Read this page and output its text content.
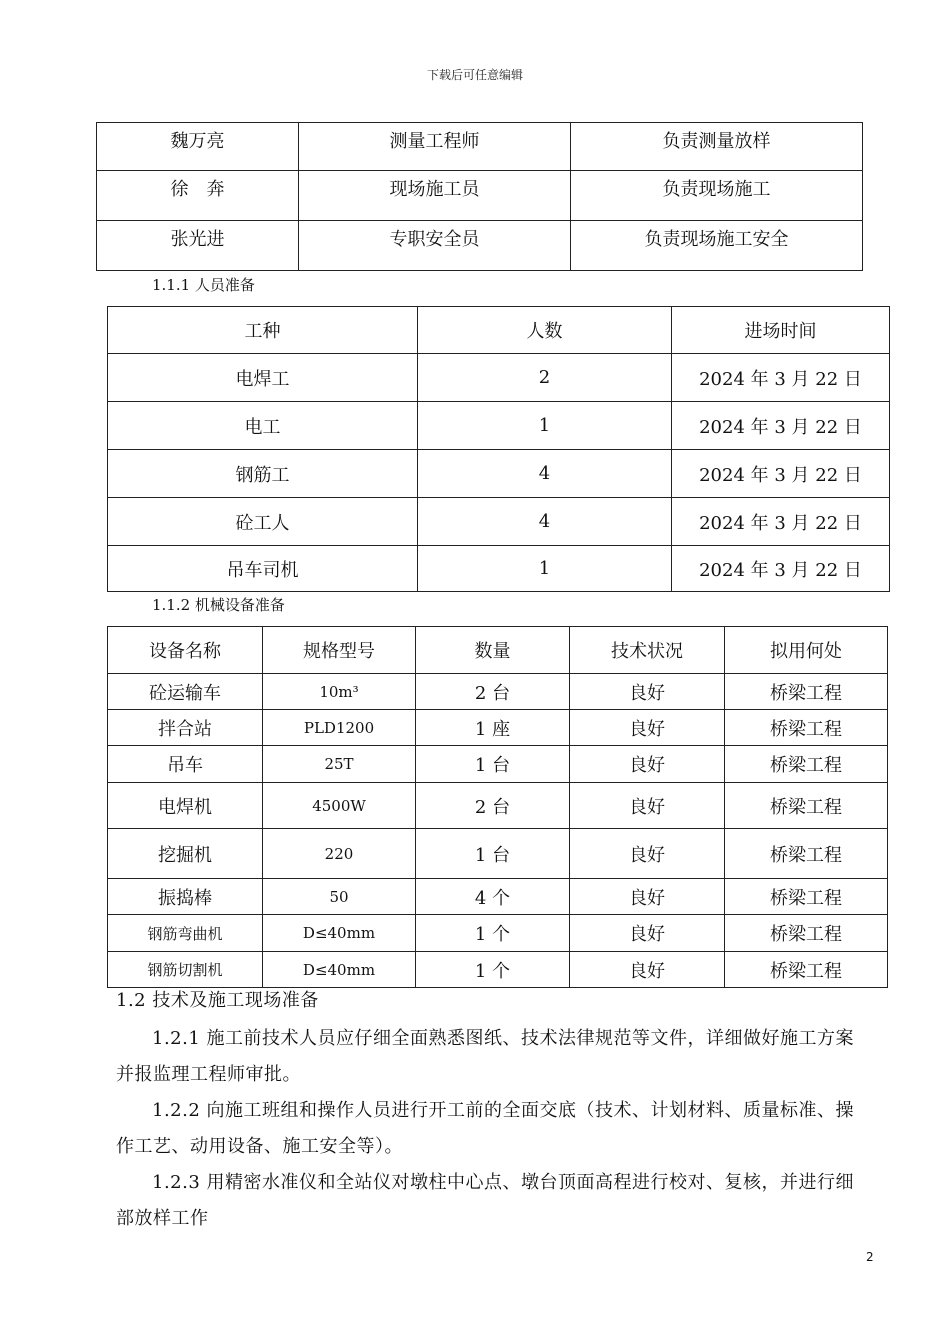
下载后可任意编辑
魏万亮	测量工程师	负责测量放样
徐　奔	现场施工员	负责现场施工
张光进	专职安全员	负责现场施工安全
1.1.1 人员准备
工种	人数	进场时间
电焊工	2	2024 年 3 月 22 日
电工	1	2024 年 3 月 22 日
钢筋工	4	2024 年 3 月 22 日
砼工人	4	2024 年 3 月 22 日
吊车司机	1	2024 年 3 月 22 日
1.1.2 机械设备准备
设备名称	规格型号	数量	技术状况	拟用何处
砼运输车	10m³	2 台	良好	桥梁工程
拌合站	PLD1200	1 座	良好	桥梁工程
吊车	25T	1 台	良好	桥梁工程
电焊机	4500W	2 台	良好	桥梁工程
挖掘机	220	1 台	良好	桥梁工程
振捣棒	50	4 个	良好	桥梁工程
钢筋弯曲机	D≤40mm	1 个	良好	桥梁工程
钢筋切割机	D≤40mm	1 个	良好	桥梁工程
1.2 技术及施工现场准备
1.2.1 施工前技术人员应仔细全面熟悉图纸、技术法律规范等文件，详细做好施工方案
并报监理工程师审批。
1.2.2 向施工班组和操作人员进行开工前的全面交底（技术、计划材料、质量标准、操
作工艺、动用设备、施工安全等）。
1.2.3 用精密水准仪和全站仪对墩柱中心点、墩台顶面高程进行校对、复核，并进行细
部放样工作
2
